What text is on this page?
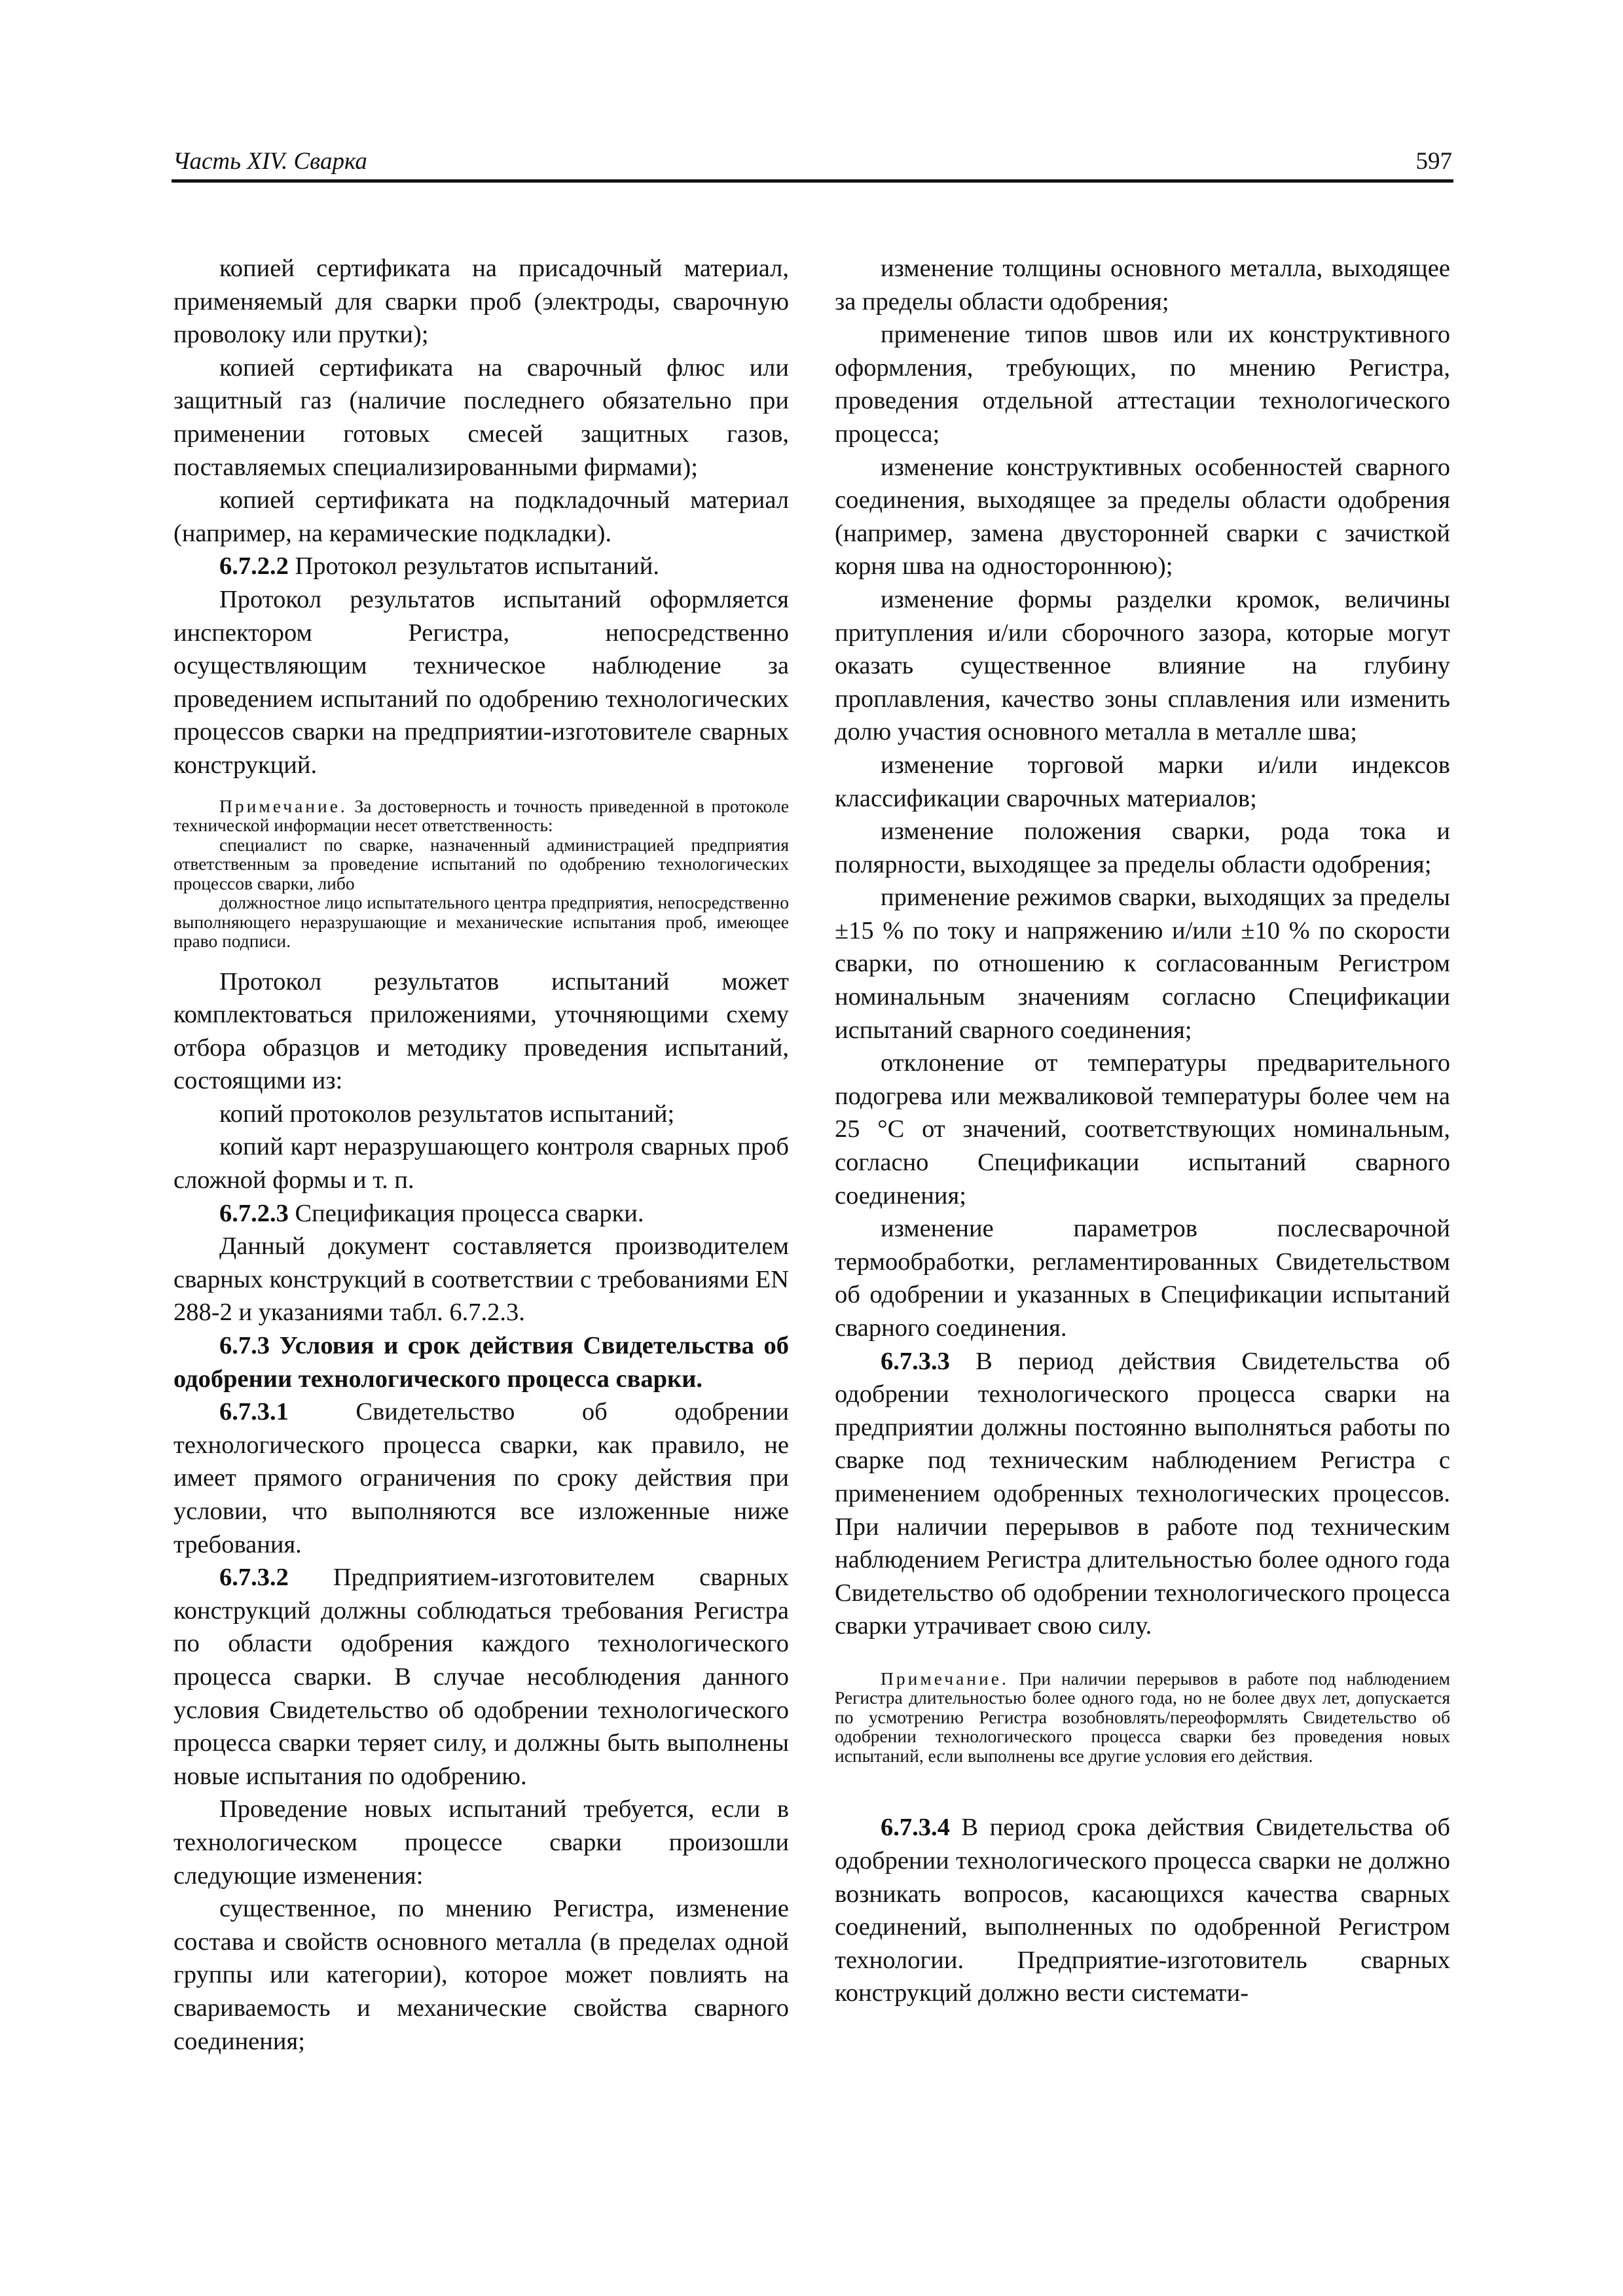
Часть XIV. Сварка	597

копией сертификата на присадочный материал, применяемый для сварки проб (электроды, сварочную проволоку или прутки);

копией сертификата на сварочный флюс или защитный газ (наличие последнего обязательно при применении готовых смесей защитных газов, поставляемых специализированными фирмами);

копией сертификата на подкладочный материал (например, на керамические подкладки).

6.7.2.2 Протокол результатов испытаний.

Протокол результатов испытаний оформляется инспектором Регистра, непосредственно осуществляющим техническое наблюдение за проведением испытаний по одобрению технологических процессов сварки на предприятии-изготовителе сварных конструкций.

Примечание. За достоверность и точность приведенной в протоколе технической информации несет ответственность:

специалист по сварке, назначенный администрацией предприятия ответственным за проведение испытаний по одобрению технологических процессов сварки, либо

должностное лицо испытательного центра предприятия, непосредственно выполняющего неразрушающие и механические испытания проб, имеющее право подписи.

Протокол результатов испытаний может комплектоваться приложениями, уточняющими схему отбора образцов и методику проведения испытаний, состоящими из:

копий протоколов результатов испытаний;

копий карт неразрушающего контроля сварных проб сложной формы и т. п.

6.7.2.3 Спецификация процесса сварки.

Данный документ составляется производителем сварных конструкций в соответствии с требованиями EN 288-2 и указаниями табл. 6.7.2.3.

6.7.3 Условия и срок действия Свидетельства об одобрении технологического процесса сварки.

6.7.3.1 Свидетельство об одобрении технологического процесса сварки, как правило, не имеет прямого ограничения по сроку действия при условии, что выполняются все изложенные ниже требования.

6.7.3.2 Предприятием-изготовителем сварных конструкций должны соблюдаться требования Регистра по области одобрения каждого технологического процесса сварки. В случае несоблюдения данного условия Свидетельство об одобрении технологического процесса сварки теряет силу, и должны быть выполнены новые испытания по одобрению.

Проведение новых испытаний требуется, если в технологическом процессе сварки произошли следующие изменения:

существенное, по мнению Регистра, изменение состава и свойств основного металла (в пределах одной группы или категории), которое может повлиять на свариваемость и механические свойства сварного соединения;

изменение толщины основного металла, выходящее за пределы области одобрения;

применение типов швов или их конструктивного оформления, требующих, по мнению Регистра, проведения отдельной аттестации технологического процесса;

изменение конструктивных особенностей сварного соединения, выходящее за пределы области одобрения (например, замена двусторонней сварки с зачисткой корня шва на одностороннюю);

изменение формы разделки кромок, величины притупления и/или сборочного зазора, которые могут оказать существенное влияние на глубину проплавления, качество зоны сплавления или изменить долю участия основного металла в металле шва;

изменение торговой марки и/или индексов классификации сварочных материалов;

изменение положения сварки, рода тока и полярности, выходящее за пределы области одобрения;

применение режимов сварки, выходящих за пределы ±15 % по току и напряжению и/или ±10 % по скорости сварки, по отношению к согласованным Регистром номинальным значениям согласно Спецификации испытаний сварного соединения;

отклонение от температуры предварительного подогрева или межваликовой температуры более чем на 25 °С от значений, соответствующих номинальным, согласно Спецификации испытаний сварного соединения;

изменение параметров послесварочной термообработки, регламентированных Свидетельством об одобрении и указанных в Спецификации испытаний сварного соединения.

6.7.3.3 В период действия Свидетельства об одобрении технологического процесса сварки на предприятии должны постоянно выполняться работы по сварке под техническим наблюдением Регистра с применением одобренных технологических процессов. При наличии перерывов в работе под техническим наблюдением Регистра длительностью более одного года Свидетельство об одобрении технологического процесса сварки утрачивает свою силу.

Примечание. При наличии перерывов в работе под наблюдением Регистра длительностью более одного года, но не более двух лет, допускается по усмотрению Регистра возобновлять/переоформлять Свидетельство об одобрении технологического процесса сварки без проведения новых испытаний, если выполнены все другие условия его действия.

6.7.3.4 В период срока действия Свидетельства об одобрении технологического процесса сварки не должно возникать вопросов, касающихся качества сварных соединений, выполненных по одобренной Регистром технологии. Предприятие-изготовитель сварных конструкций должно вести системати-
